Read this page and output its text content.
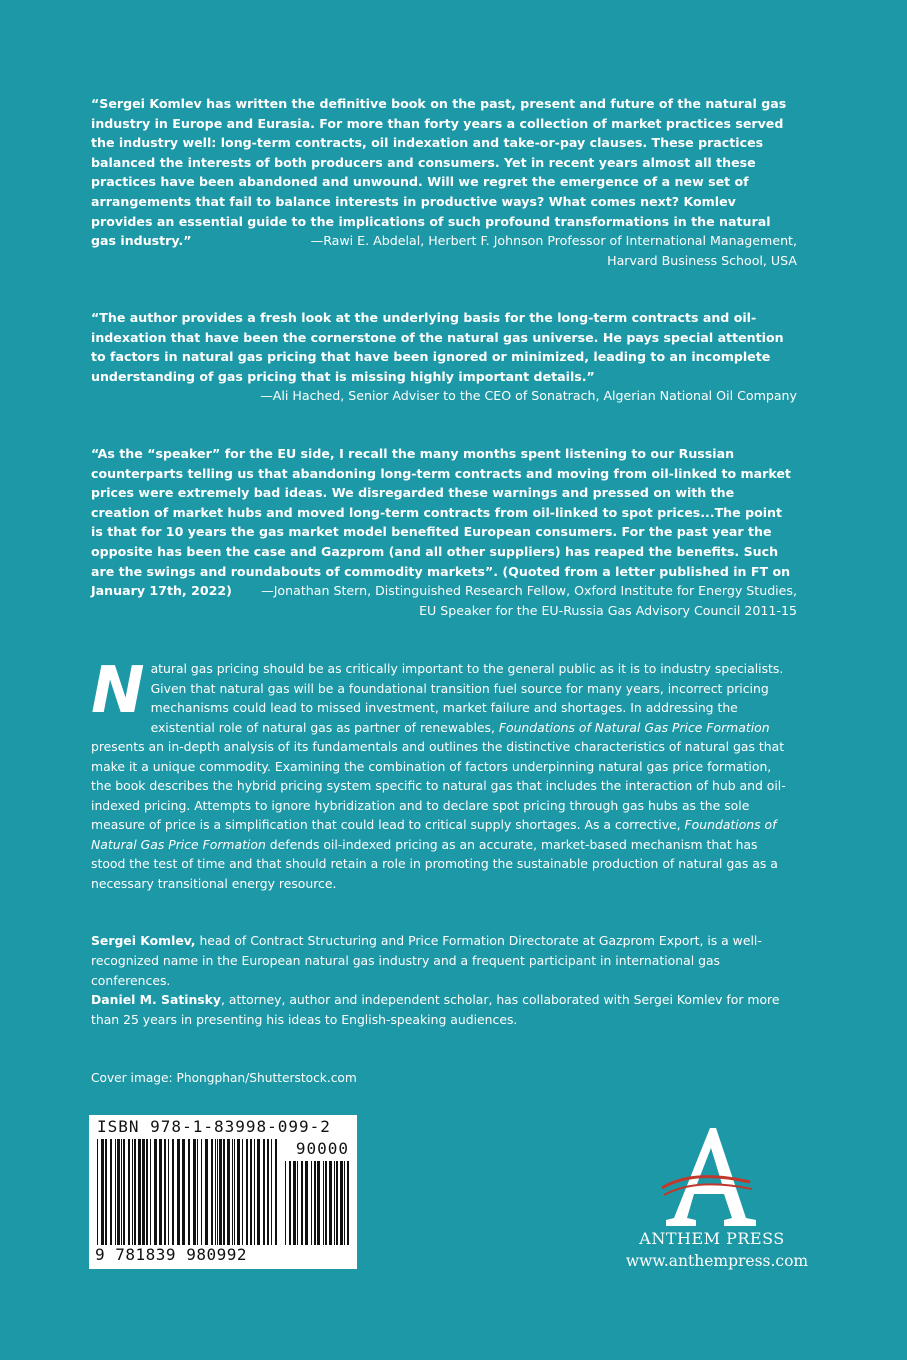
“Sergei Komlev has written the definitive book on the past, present and future of the natural gas industry in Europe and Eurasia. For more than forty years a collection of market practices served the industry well: long-term contracts, oil indexation and take-or-pay clauses. These practices balanced the interests of both producers and consumers. Yet in recent years almost all these practices have been abandoned and unwound. Will we regret the emergence of a new set of arrangements that fail to balance interests in productive ways? What comes next? Komlev provides an essential guide to the implications of such profound transformations in the natural gas industry.”	—Rawi E. Abdelal, Herbert F. Johnson Professor of International Management,
Harvard Business School, USA

“The author provides a fresh look at the underlying basis for the long-term contracts and oil-indexation that have been the cornerstone of the natural gas universe. He pays special attention to factors in natural gas pricing that have been ignored or minimized, leading to an incomplete understanding of gas pricing that is missing highly important details.”

—Ali Hached, Senior Adviser to the CEO of Sonatrach, Algerian National Oil Company

“As the “speaker” for the EU side, I recall the many months spent listening to our Russian counterparts telling us that abandoning long-term contracts and moving from oil-linked to market prices were extremely bad ideas. We disregarded these warnings and pressed on with the creation of market hubs and moved long-term contracts from oil-linked to spot prices...The point is that for 10 years the gas market model benefited European consumers. For the past year the opposite has been the case and Gazprom (and all other suppliers) has reaped the benefits. Such are the swings and roundabouts of commodity markets”. (Quoted from a letter published in FT on January 17th, 2022)	—Jonathan Stern, Distinguished Research Fellow, Oxford Institute for Energy Studies,
EU Speaker for the EU-Russia Gas Advisory Council 2011-15

Natural gas pricing should be as critically important to the general public as it is to industry specialists. Given that natural gas will be a foundational transition fuel source for many years, incorrect pricing mechanisms could lead to missed investment, market failure and shortages. In addressing the existential role of natural gas as partner of renewables, Foundations of Natural Gas Price Formation presents an in-depth analysis of its fundamentals and outlines the distinctive characteristics of natural gas that make it a unique commodity. Examining the combination of factors underpinning natural gas price formation, the book describes the hybrid pricing system specific to natural gas that includes the interaction of hub and oil-indexed pricing. Attempts to ignore hybridization and to declare spot pricing through gas hubs as the sole measure of price is a simplification that could lead to critical supply shortages. As a corrective, Foundations of Natural Gas Price Formation defends oil-indexed pricing as an accurate, market-based mechanism that has stood the test of time and that should retain a role in promoting the sustainable production of natural gas as a necessary transitional energy resource.

Sergei Komlev, head of Contract Structuring and Price Formation Directorate at Gazprom Export, is a well-recognized name in the European natural gas industry and a frequent participant in international gas conferences.

Daniel M. Satinsky, attorney, author and independent scholar, has collaborated with Sergei Komlev for more than 25 years in presenting his ideas to English-speaking audiences.

Cover image: Phongphan/Shutterstock.com

ISBN 978-1-83998-099-2
90000
9 781839 980992
ANTHEM PRESS
www.anthempress.com
